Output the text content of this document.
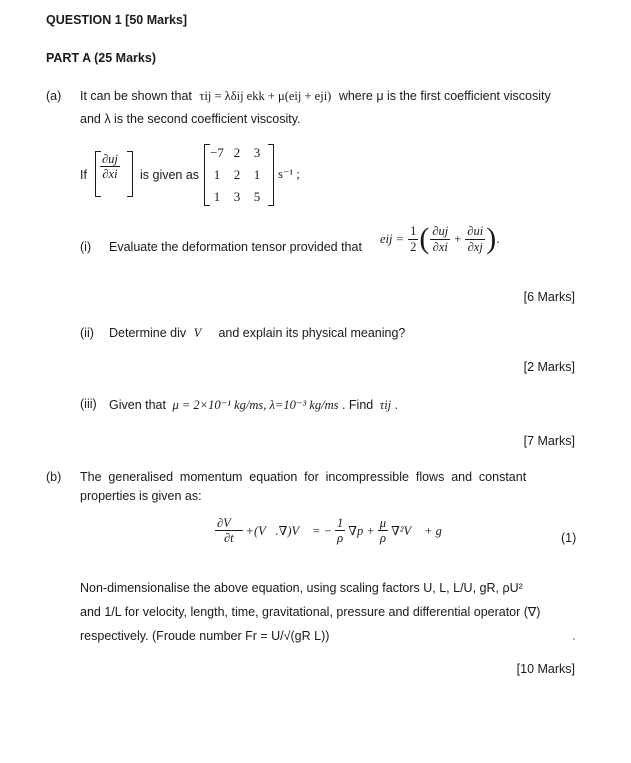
QUESTION 1 [50 Marks]
PART A (25 Marks)
(a) It can be shown that τij = λδij ekk + μ(eij + eji) where μ is the first coefficient viscosity
and λ is the second coefficient viscosity.
If $\frac{\partial uj}{\partial xi}$ is given as
−7 2	3
1	2	1
1	3	5
s⁻¹ ;
(i) Evaluate the deformation tensor provided that
eij = $\frac{1}{2}$ ( $\frac{\partial uj}{\partial xi} + \frac{\partial ui}{\partial xj}$ ) .
[6 Marks]
(ii) Determine div V⃗ and explain its physical meaning?
[2 Marks]
(iii) Given that μ = 2×10⁻¹ kg/ms, λ=10⁻³ kg/ms . Find τij .
[7 Marks]
(b) The generalised momentum equation for incompressible flows and constant
properties is given as:
$\frac{\partial V⃗}{\partial t}$ +(V⃗.∇)V⃗ = − $\frac{1}{\rho} \nabla p + \frac{\mu}{\rho}$ ∇²V⃗ + g
(1)
Non-dimensionalise the above equation, using scaling factors U, L, L/U, gR, ρU²
and 1/L for velocity, length, time, gravitational, pressure and differential operator (∇)
respectively. (Froude number Fr = U/√(gR L))
[10 Marks]
